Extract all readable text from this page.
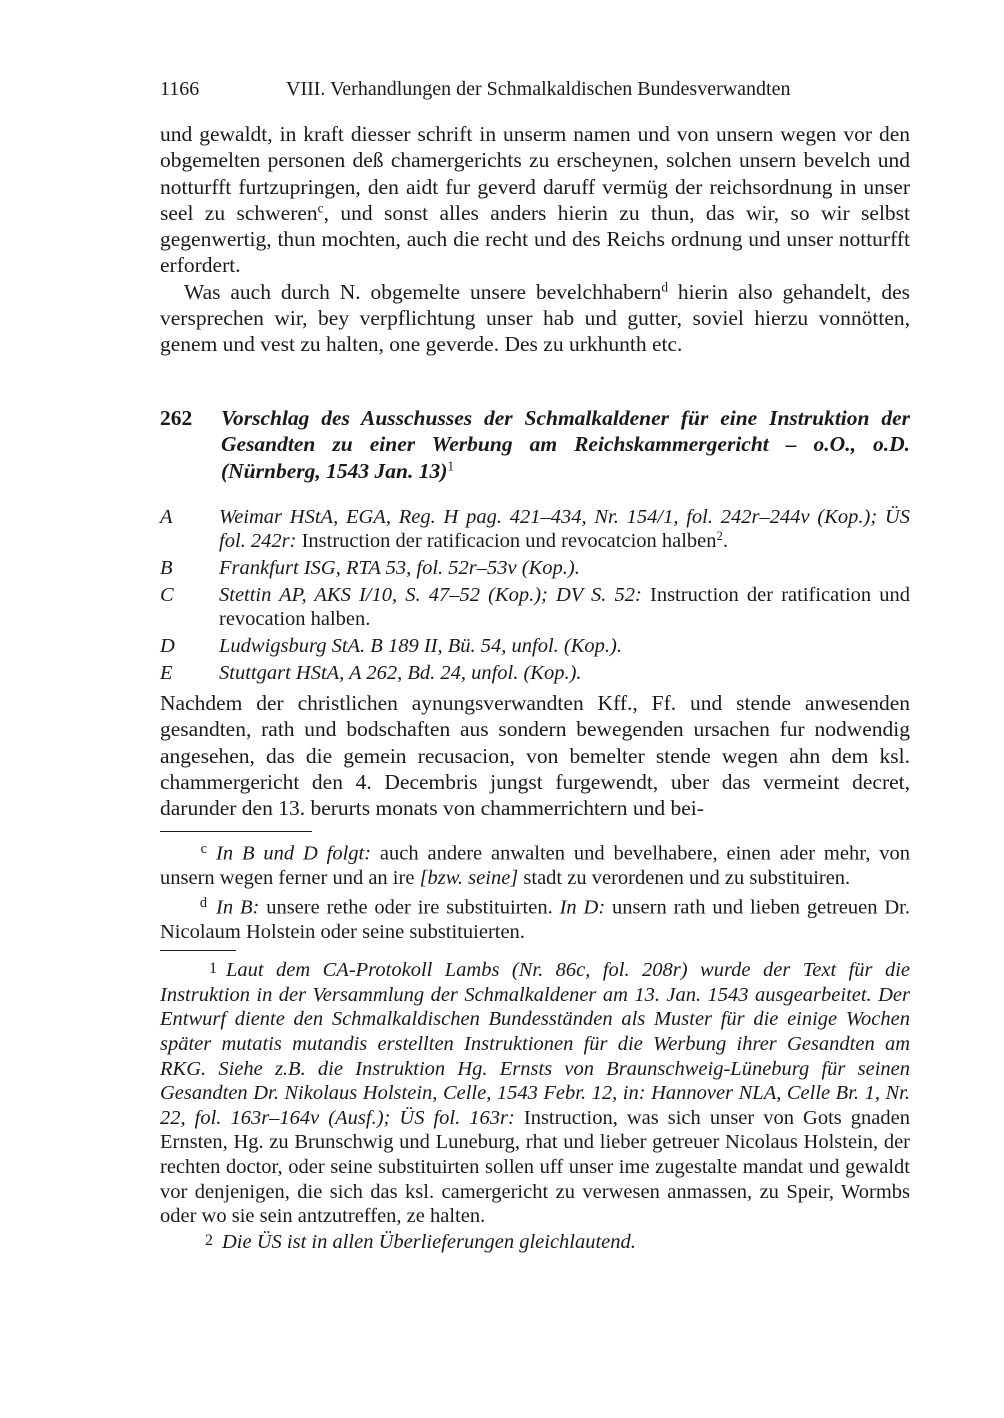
1166	VIII. Verhandlungen der Schmalkaldischen Bundesverwandten

und gewaldt, in kraft diesser schrift in unserm namen und von unsern wegen vor den obgemelten personen deß chamergerichts zu erscheynen, solchen unsern bevelch und notturfft furtzupringen, den aidt fur geverd daruff vermüg der reichsordnung in unser seel zu schweren$^c$, und sonst alles anders hierin zu thun, das wir, so wir selbst gegenwertig, thun mochten, auch die recht und des Reichs ordnung und unser notturfft erfordert.

Was auch durch N. obgemelte unsere bevelchhabern$^d$ hierin also gehandelt, des versprechen wir, bey verpflichtung unser hab und gutter, soviel hierzu vonnötten, genem und vest zu halten, one geverde. Des zu urkhunth etc.

262 Vorschlag des Ausschusses der Schmalkaldener für eine Instruktion der Gesandten zu einer Werbung am Reichskammergericht – o.O., o.D. (Nürnberg, 1543 Jan. 13)$^1$
A Weimar HStA, EGA, Reg. H pag. 421–434, Nr. 154/1, fol. 242r–244v (Kop.); ÜS fol. 242r: Instruction der ratificacion und revocatcion halben$^2$.
B Frankfurt ISG, RTA 53, fol. 52r–53v (Kop.).
C Stettin AP, AKS I/10, S. 47–52 (Kop.); DV S. 52: Instruction der ratification und revocation halben.
D Ludwigsburg StA. B 189 II, Bü. 54, unfol. (Kop.).
E Stuttgart HStA, A 262, Bd. 24, unfol. (Kop.).

Nachdem der christlichen aynungsverwandten Kff., Ff. und stende anwesenden gesandten, rath und bodschaften aus sondern bewegenden ursachen fur nodwendig angesehen, das die gemein recusacion, von bemelter stende wegen ahn dem ksl. chammergericht den 4. Decembris jungst furgewendt, uber das vermeint decret, darunder den 13. berurts monats von chammerrichtern und bei-

c In B und D folgt: auch andere anwalten und bevelhabere, einen ader mehr, von unsern wegen ferner und an ire [bzw. seine] stadt zu verordenen und zu substituiren.

d In B: unsere rethe oder ire substituirten. In D: unsern rath und lieben getreuen Dr. Nicolaum Holstein oder seine substituierten.

1 Laut dem CA-Protokoll Lambs (Nr. 86c, fol. 208r) wurde der Text für die Instruktion in der Versammlung der Schmalkaldener am 13. Jan. 1543 ausgearbeitet. Der Entwurf diente den Schmalkaldischen Bundesständen als Muster für die einige Wochen später mutatis mutandis erstellten Instruktionen für die Werbung ihrer Gesandten am RKG. Siehe z.B. die Instruktion Hg. Ernsts von Braunschweig-Lüneburg für seinen Gesandten Dr. Nikolaus Holstein, Celle, 1543 Febr. 12, in: Hannover NLA, Celle Br. 1, Nr. 22, fol. 163r–164v (Ausf.); ÜS fol. 163r: Instruction, was sich unser von Gots gnaden Ernsten, Hg. zu Brunschwig und Luneburg, rhat und lieber getreuer Nicolaus Holstein, der rechten doctor, oder seine substituirten sollen uff unser ime zugestalte mandat und gewaldt vor denjenigen, die sich das ksl. camergericht zu verwesen anmassen, zu Speir, Wormbs oder wo sie sein antzutreffen, ze halten.

2 Die ÜS ist in allen Überlieferungen gleichlautend.
